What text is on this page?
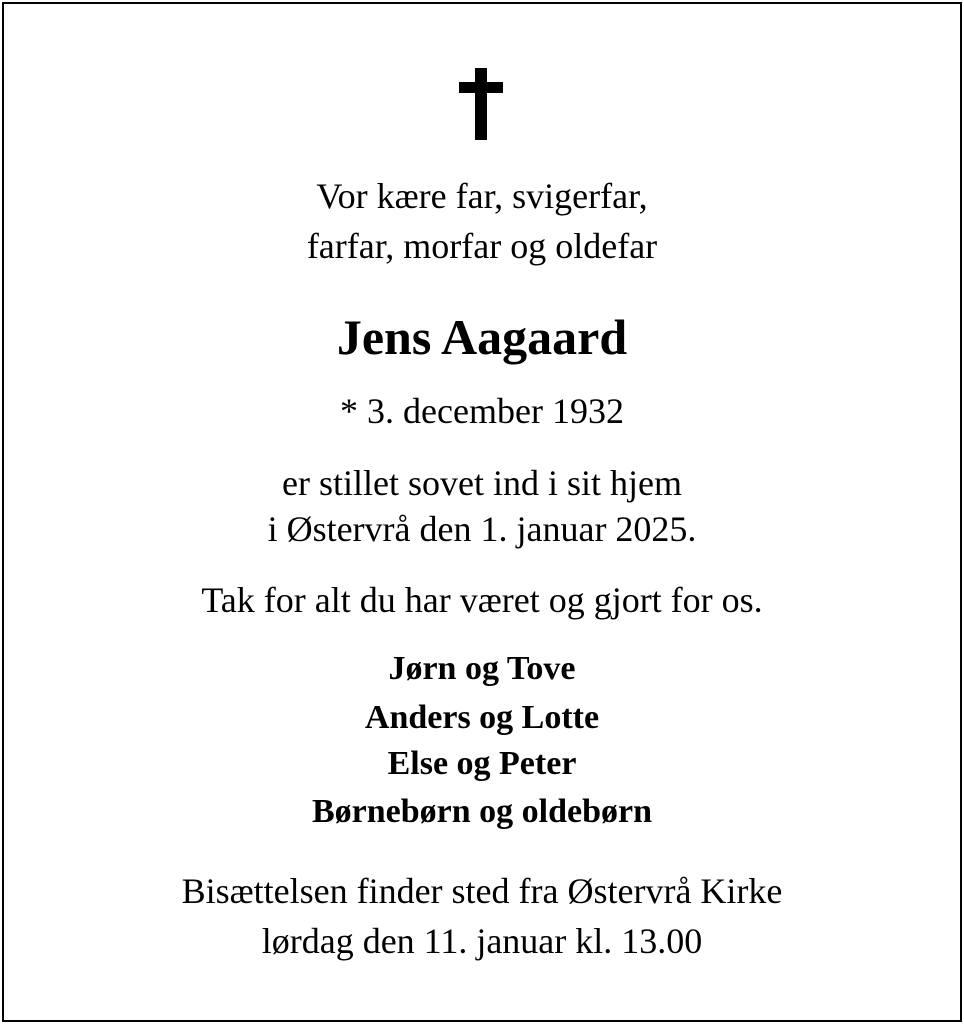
Vor kære far, svigerfar,
farfar, morfar og oldefar
Jens Aagaard
* 3. december 1932
er stillet sovet ind i sit hjem
i Østervrå den 1. januar 2025.
Tak for alt du har været og gjort for os.
Jørn og Tove
Anders og Lotte
Else og Peter
Børnebørn og oldebørn
Bisættelsen finder sted fra Østervrå Kirke
lørdag den 11. januar kl. 13.00
